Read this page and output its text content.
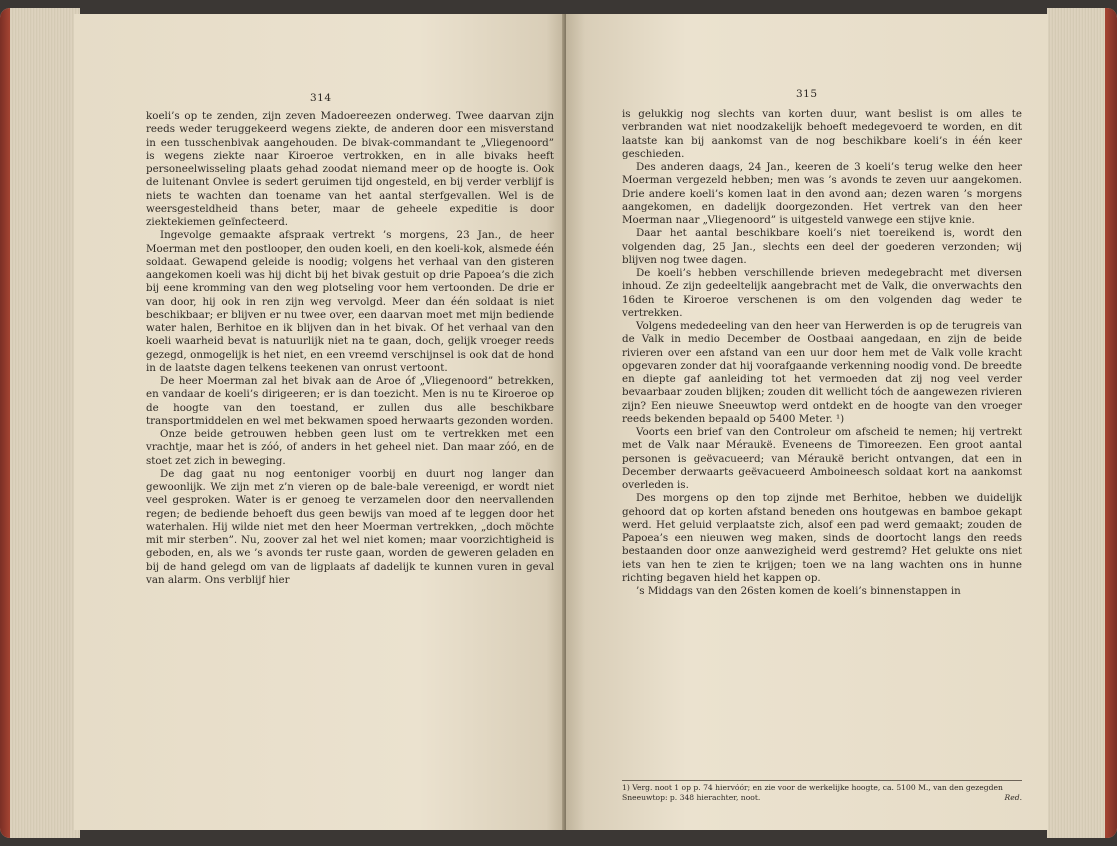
314

koeli’s op te zenden, zijn zeven Madoereezen onderweg. Twee daarvan zijn reeds weder teruggekeerd wegens ziekte, de anderen door een misverstand in een tusschenbivak aangehouden. De bivak-commandant te „Vliegenoord” is wegens ziekte naar Kiroeroe vertrokken, en in alle bivaks heeft personeelwisseling plaats gehad zoodat niemand meer op de hoogte is. Ook de luitenant Onvlee is sedert geruimen tijd ongesteld, en bij verder verblijf is niets te wachten dan toename van het aantal sterfgevallen. Wel is de weersgesteldheid thans beter, maar de geheele expeditie is door ziektekiemen geïnfecteerd.

Ingevolge gemaakte afspraak vertrekt ’s morgens, 23 Jan., de heer Moerman met den postlooper, den ouden koeli, en den koeli-kok, alsmede één soldaat. Gewapend geleide is noodig; volgens het verhaal van den gisteren aangekomen koeli was hij dicht bij het bivak gestuit op drie Papoea’s die zich bij eene kromming van den weg plotseling voor hem vertoonden. De drie er van door, hij ook in ren zijn weg vervolgd. Meer dan één soldaat is niet beschikbaar; er blijven er nu twee over, een daarvan moet met mijn bediende water halen, Berhitoe en ik blijven dan in het bivak. Of het verhaal van den koeli waarheid bevat is natuurlijk niet na te gaan, doch, gelijk vroeger reeds gezegd, onmogelijk is het niet, en een vreemd verschijnsel is ook dat de hond in de laatste dagen telkens teekenen van onrust vertoont.

De heer Moerman zal het bivak aan de Aroe óf „Vliegenoord” betrekken, en vandaar de koeli’s dirigeeren; er is dan toezicht. Men is nu te Kiroeroe op de hoogte van den toestand, er zullen dus alle beschikbare transportmiddelen en wel met bekwamen spoed herwaarts gezonden worden.

Onze beide getrouwen hebben geen lust om te vertrekken met een vrachtje, maar het is zóó, of anders in het geheel niet. Dan maar zóó, en de stoet zet zich in beweging.

De dag gaat nu nog eentoniger voorbij en duurt nog langer dan gewoonlijk. We zijn met z’n vieren op de bale-bale vereenigd, er wordt niet veel gesproken. Water is er genoeg te verzamelen door den neervallenden regen; de bediende behoeft dus geen bewijs van moed af te leggen door het waterhalen. Hij wilde niet met den heer Moerman vertrekken, „doch möchte mit mir sterben”. Nu, zoover zal het wel niet komen; maar voorzichtigheid is geboden, en, als we ’s avonds ter ruste gaan, worden de geweren geladen en bij de hand gelegd om van de ligplaats af dadelijk te kunnen vuren in geval van alarm. Ons verblijf hier

315

is gelukkig nog slechts van korten duur, want beslist is om alles te verbranden wat niet noodzakelijk behoeft medegevoerd te worden, en dit laatste kan bij aankomst van de nog beschikbare koeli’s in één keer geschieden.

Des anderen daags, 24 Jan., keeren de 3 koeli’s terug welke den heer Moerman vergezeld hebben; men was ’s avonds te zeven uur aangekomen. Drie andere koeli’s komen laat in den avond aan; dezen waren ’s morgens aangekomen, en dadelijk doorgezonden. Het vertrek van den heer Moerman naar „Vliegenoord” is uitgesteld vanwege een stijve knie.

Daar het aantal beschikbare koeli’s niet toereikend is, wordt den volgenden dag, 25 Jan., slechts een deel der goederen verzonden; wij blijven nog twee dagen.

De koeli’s hebben verschillende brieven medegebracht met diversen inhoud. Ze zijn gedeeltelijk aangebracht met de Valk, die onverwachts den 16den te Kiroeroe verschenen is om den volgenden dag weder te vertrekken.

Volgens mededeeling van den heer van Herwerden is op de terugreis van de Valk in medio December de Oostbaai aangedaan, en zijn de beide rivieren over een afstand van een uur door hem met de Valk volle kracht opgevaren zonder dat hij voorafgaande verkenning noodig vond. De breedte en diepte gaf aanleiding tot het vermoeden dat zij nog veel verder bevaarbaar zouden blijken; zouden dit wellicht tóch de aangewezen rivieren zijn? Een nieuwe Sneeuwtop werd ontdekt en de hoogte van den vroeger reeds bekenden bepaald op 5400 Meter. ¹)

Voorts een brief van den Controleur om afscheid te nemen; hij vertrekt met de Valk naar Méraukë. Eveneens de Timoreezen. Een groot aantal personen is geëvacueerd; van Méraukë bericht ontvangen, dat een in December derwaarts geëvacueerd Amboineesch soldaat kort na aankomst overleden is.

Des morgens op den top zijnde met Berhitoe, hebben we duidelijk gehoord dat op korten afstand beneden ons houtgewas en bamboe gekapt werd. Het geluid verplaatste zich, alsof een pad werd gemaakt; zouden de Papoea’s een nieuwen weg maken, sinds de doortocht langs den reeds bestaanden door onze aanwezigheid werd gestremd? Het gelukte ons niet iets van hen te zien te krijgen; toen we na lang wachten ons in hunne richting begaven hield het kappen op.

’s Middags van den 26sten komen de koeli’s binnenstappen in

1) Verg. noot 1 op p. 74 hiervóór; en zie voor de werkelijke hoogte, ca. 5100 M., van den gezegden Sneeuwtop: p. 348 hierachter, noot.	Red.
